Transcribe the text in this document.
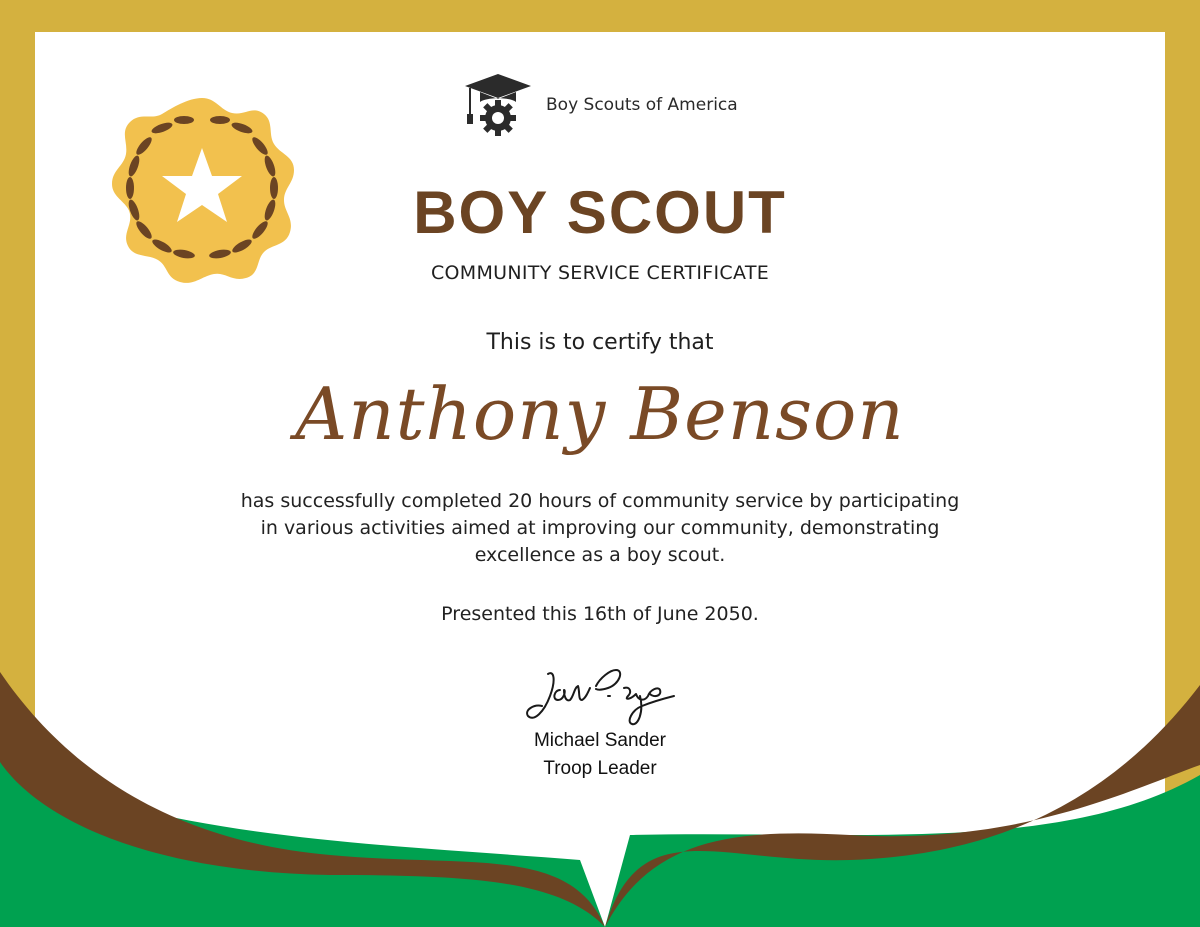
Boy Scouts of America
BOY SCOUT
COMMUNITY SERVICE CERTIFICATE
This is to certify that
Anthony Benson
has successfully completed 20 hours of community service by participating
in various activities aimed at improving our community, demonstrating
excellence as a boy scout.
Presented this 16th of June 2050.
Michael Sander
Troop Leader
